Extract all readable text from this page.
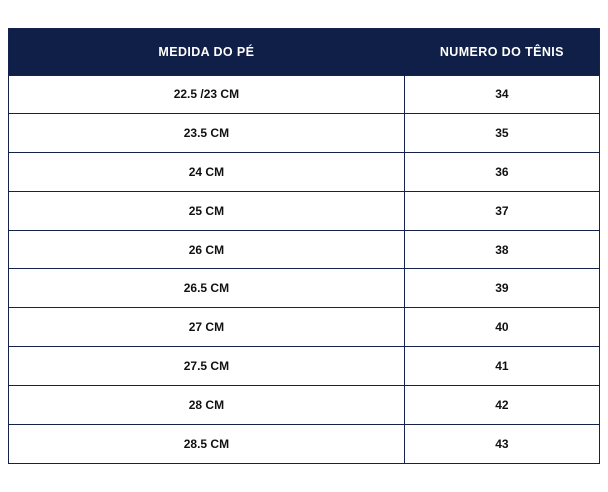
MEDIDA DO PÉ	NUMERO DO TÊNIS
22.5 /23 CM	34
23.5 CM	35
24 CM	36
25 CM	37
26 CM	38
26.5 CM	39
27 CM	40
27.5 CM	41
28 CM	42
28.5 CM	43
